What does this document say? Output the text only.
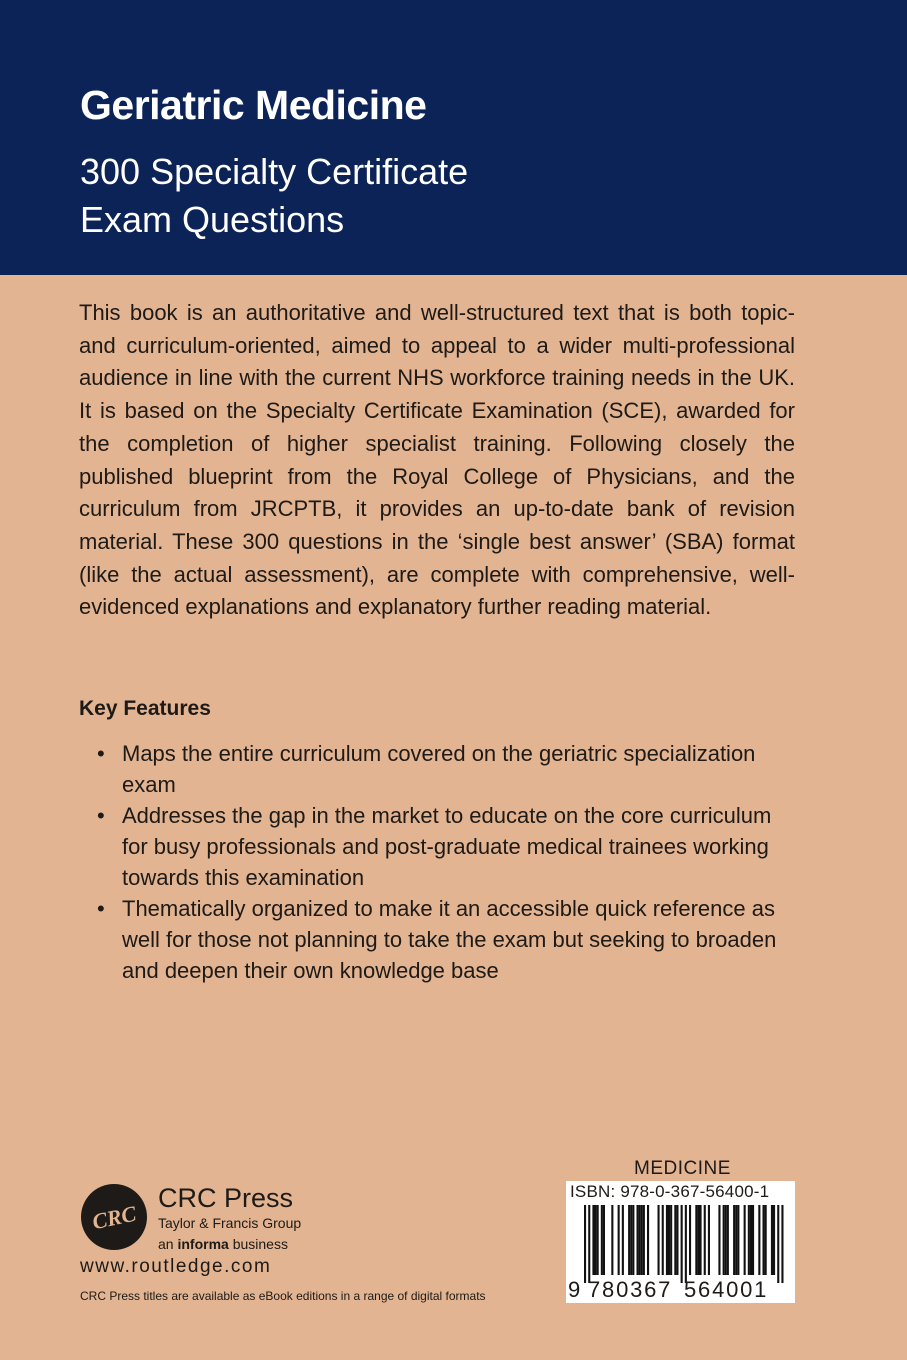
Geriatric Medicine
300 Specialty Certificate
Exam Questions

This book is an authoritative and well-structured text that is both topic- and curriculum-oriented, aimed to appeal to a wider multi-professional audience in line with the current NHS workforce training needs in the UK. It is based on the Specialty Certificate Examination (SCE), awarded for the completion of higher specialist training. Following closely the published blueprint from the Royal College of Physicians, and the curriculum from JRCPTB, it provides an up-to-date bank of revision material. These 300 questions in the ‘single best answer’ (SBA) format (like the actual assessment), are complete with comprehensive, well-evidenced explanations and explanatory further reading material.

Key Features
• Maps the entire curriculum covered on the geriatric specialization exam
• Addresses the gap in the market to educate on the core curriculum for busy professionals and post-graduate medical trainees working towards this examination
• Thematically organized to make it an accessible quick reference as well for those not planning to take the exam but seeking to broaden and deepen their own knowledge base
CRC
CRC Press
Taylor & Francis Group
an informa business
www.routledge.com
CRC Press titles are available as eBook editions in a range of digital formats
MEDICINE
ISBN: 978-0-367-56400-1
9 780367 564001
